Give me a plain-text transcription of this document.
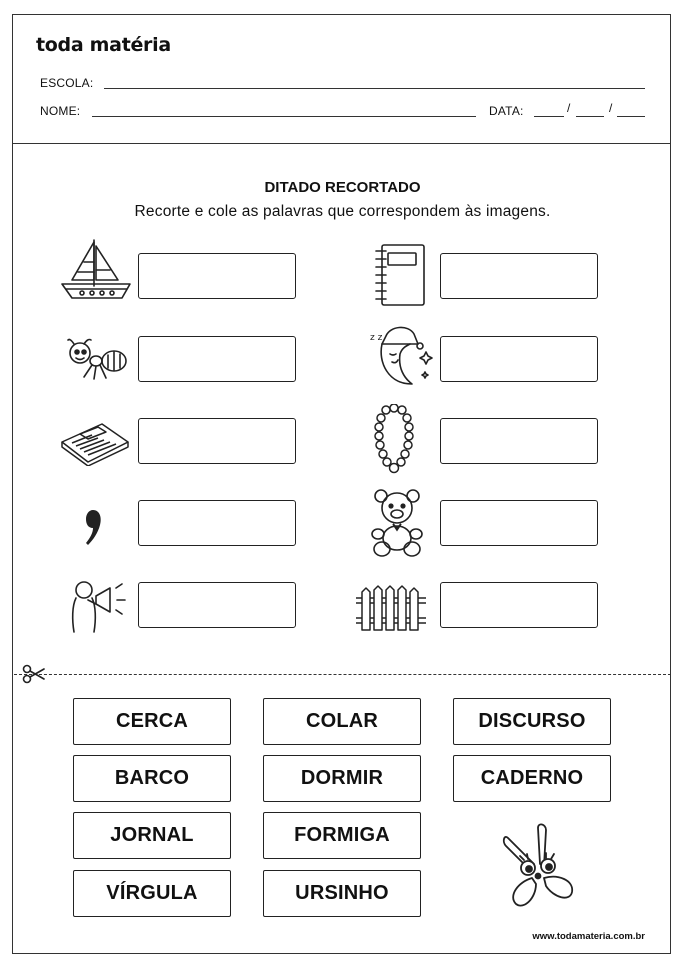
toda matéria
ESCOLA:
NOME:	DATA:	/	/
DITADO RECORTADO
Recorte e cole as palavras que correspondem às imagens.
z z
CERCA	COLAR	DISCURSO
BARCO	DORMIR	CADERNO
JORNAL	FORMIGA
VÍRGULA	URSINHO
www.todamateria.com.br
